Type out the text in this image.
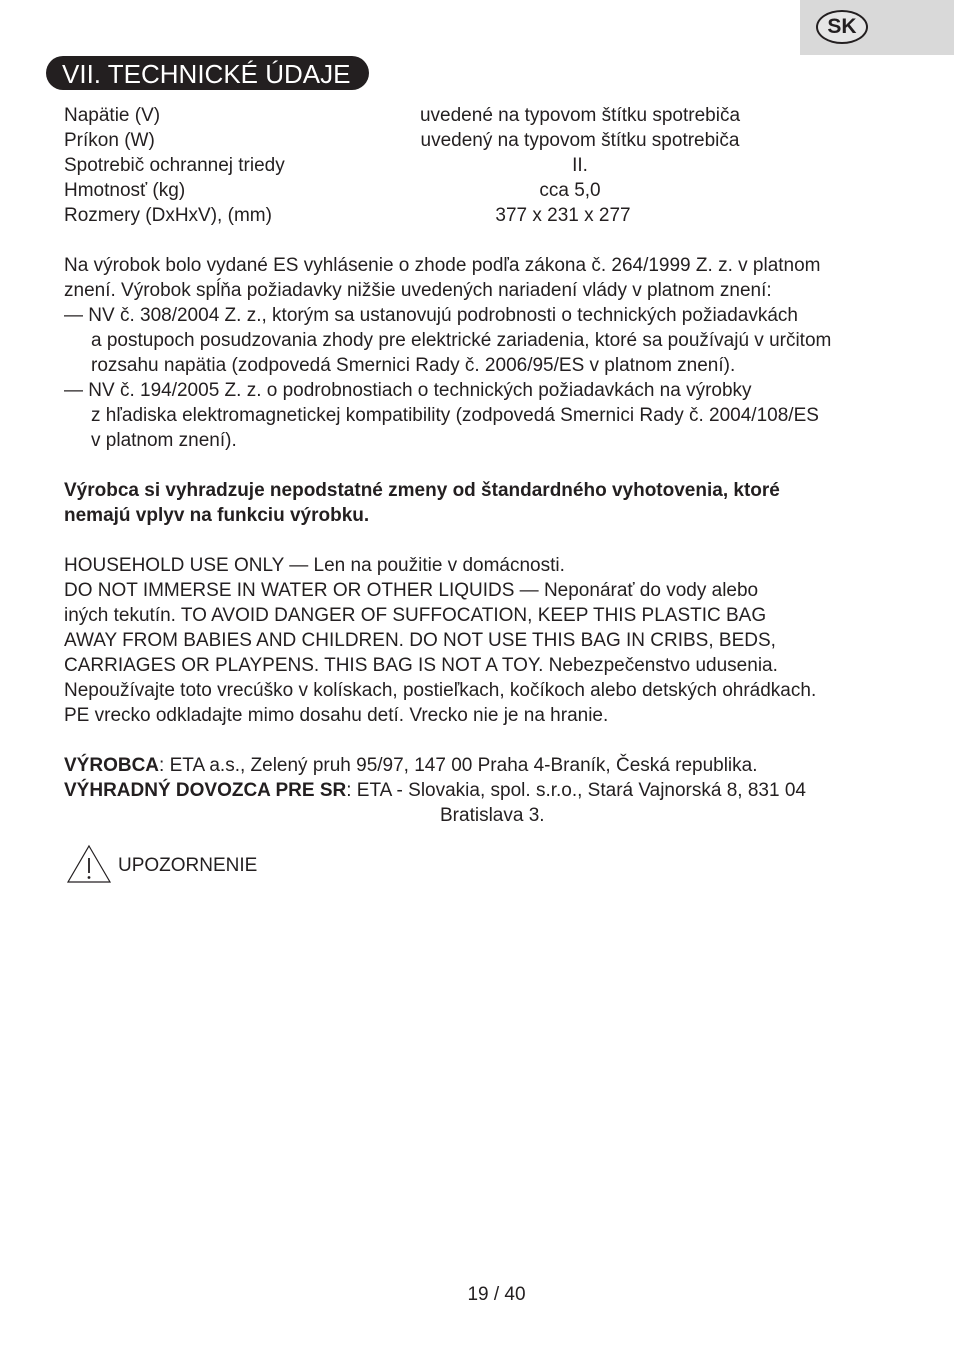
SK
VII. TECHNICKÉ ÚDAJE
Napätie (V)	uvedené na typovom štítku spotrebiča
Príkon (W)	uvedený na typovom štítku spotrebiča
Spotrebič ochrannej triedy	II.
Hmotnosť (kg)	cca 5,0
Rozmery (DxHxV), (mm)	377 x 231 x 277
Na výrobok bolo vydané ES vyhlásenie o zhode podľa zákona č. 264/1999 Z. z. v platnom
znení. Výrobok spĺňa požiadavky nižšie uvedených nariadení vlády v platnom znení:
— NV č. 308/2004 Z. z., ktorým sa ustanovujú podrobnosti o technických požiadavkách
a postupoch posudzovania zhody pre elektrické zariadenia, ktoré sa používajú v určitom
rozsahu napätia (zodpovedá Smernici Rady č. 2006/95/ES v platnom znení).
— NV č. 194/2005 Z. z. o podrobnostiach o technických požiadavkách na výrobky
z hľadiska elektromagnetickej kompatibility (zodpovedá Smernici Rady č. 2004/108/ES
v platnom znení).
Výrobca si vyhradzuje nepodstatné zmeny od štandardného vyhotovenia, ktoré
nemajú vplyv na funkciu výrobku.
HOUSEHOLD USE ONLY — Len na použitie v domácnosti.
DO NOT IMMERSE IN WATER OR OTHER LIQUIDS — Neponárať do vody alebo
iných tekutín. TO AVOID DANGER OF SUFFOCATION, KEEP THIS PLASTIC BAG
AWAY FROM BABIES AND CHILDREN. DO NOT USE THIS BAG IN CRIBS, BEDS,
CARRIAGES OR PLAYPENS. THIS BAG IS NOT A TOY. Nebezpečenstvo udusenia.
Nepoužívajte toto vrecúško v kolískach, postieľkach, kočíkoch alebo detských ohrádkach.
PE vrecko odkladajte mimo dosahu detí. Vrecko nie je na hranie.
VÝROBCA: ETA a.s., Zelený pruh 95/97, 147 00 Praha 4-Braník, Česká republika.
VÝHRADNÝ DOVOZCA PRE SR: ETA - Slovakia, spol. s.r.o., Stará Vajnorská 8, 831 04
Bratislava 3.
UPOZORNENIE
19 / 40
